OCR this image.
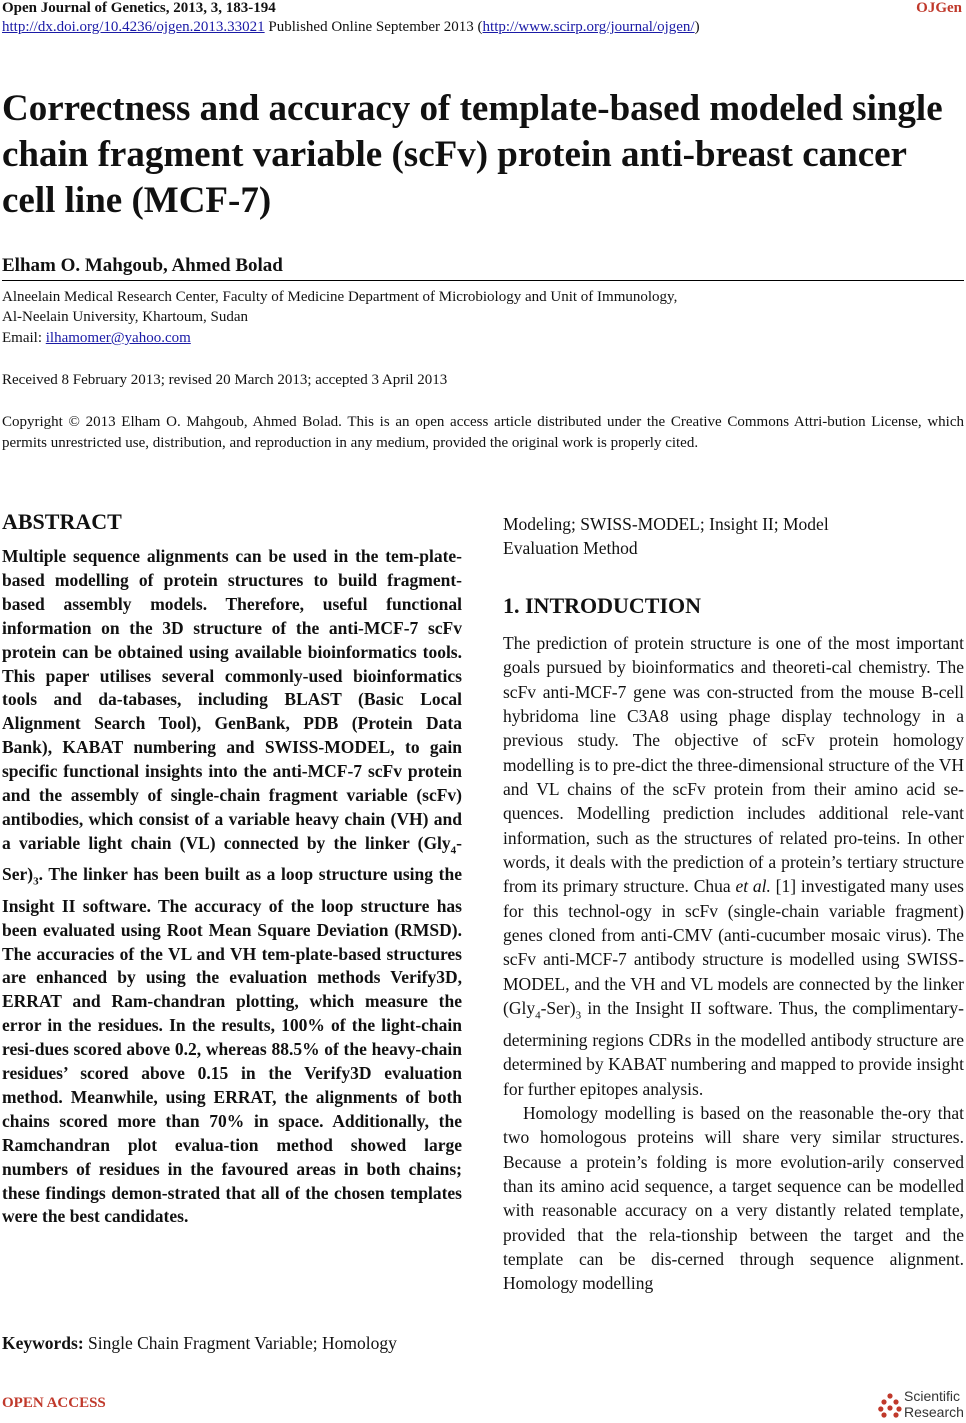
Open Journal of Genetics, 2013, 3, 183-194	OJGen
http://dx.doi.org/10.4236/ojgen.2013.33021 Published Online September 2013 (http://www.scirp.org/journal/ojgen/)
Correctness and accuracy of template-based modeled single chain fragment variable (scFv) protein anti-breast cancer cell line (MCF-7)
Elham O. Mahgoub, Ahmed Bolad
Alneelain Medical Research Center, Faculty of Medicine Department of Microbiology and Unit of Immunology,
Al-Neelain University, Khartoum, Sudan
Email: ilhamomer@yahoo.com
Received 8 February 2013; revised 20 March 2013; accepted 3 April 2013
Copyright © 2013 Elham O. Mahgoub, Ahmed Bolad. This is an open access article distributed under the Creative Commons Attri-bution License, which permits unrestricted use, distribution, and reproduction in any medium, provided the original work is properly cited.
ABSTRACT
Multiple sequence alignments can be used in the tem-plate-based modelling of protein structures to build fragment-based assembly models. Therefore, useful functional information on the 3D structure of the anti-MCF-7 scFv protein can be obtained using available bioinformatics tools. This paper utilises several commonly-used bioinformatics tools and da-tabases, including BLAST (Basic Local Alignment Search Tool), GenBank, PDB (Protein Data Bank), KABAT numbering and SWISS-MODEL, to gain specific functional insights into the anti-MCF-7 scFv protein and the assembly of single-chain fragment variable (scFv) antibodies, which consist of a variable heavy chain (VH) and a variable light chain (VL) connected by the linker $(Gly_4-Ser)_3$. The linker has been built as a loop structure using the Insight II software. The accuracy of the loop structure has been evaluated using Root Mean Square Deviation (RMSD). The accuracies of the VL and VH tem-plate-based structures are enhanced by using the evaluation methods Verify3D, ERRAT and Ram-chandran plotting, which measure the error in the residues. In the results, 100% of the light-chain resi-dues scored above 0.2, whereas 88.5% of the heavy-chain residues’ scored above 0.15 in the Verify3D evaluation method. Meanwhile, using ERRAT, the alignments of both chains scored more than 70% in space. Additionally, the Ramchandran plot evalua-tion method showed large numbers of residues in the favoured areas in both chains; these findings demon-strated that all of the chosen templates were the best candidates.
Keywords: Single Chain Fragment Variable; Homology
Modeling; SWISS-MODEL; Insight II; Model Evaluation Method
1. INTRODUCTION

The prediction of protein structure is one of the most important goals pursued by bioinformatics and theoreti-cal chemistry. The scFv anti-MCF-7 gene was con-structed from the mouse B-cell hybridoma line C3A8 using phage display technology in a previous study. The objective of scFv protein homology modelling is to pre-dict the three-dimensional structure of the VH and VL chains of the scFv protein from their amino acid se-quences. Modelling prediction includes additional rele-vant information, such as the structures of related pro-teins. In other words, it deals with the prediction of a protein’s tertiary structure from its primary structure. Chua et al. [1] investigated many uses for this technol-ogy in scFv (single-chain variable fragment) genes cloned from anti-CMV (anti-cucumber mosaic virus). The scFv anti-MCF-7 antibody structure is modelled using SWISS-MODEL, and the VH and VL models are connected by the linker $(Gly_4-Ser)_3$ in the Insight II software. Thus, the complimentary-determining regions CDRs in the modelled antibody structure are determined by KABAT numbering and mapped to provide insight for further epitopes analysis.

Homology modelling is based on the reasonable the-ory that two homologous proteins will share very similar structures. Because a protein’s folding is more evolution-arily conserved than its amino acid sequence, a target sequence can be modelled with reasonable accuracy on a very distantly related template, provided that the rela-tionship between the target and the template can be dis-cerned through sequence alignment. Homology modelling

OPEN ACCESS	Scientific
Research
